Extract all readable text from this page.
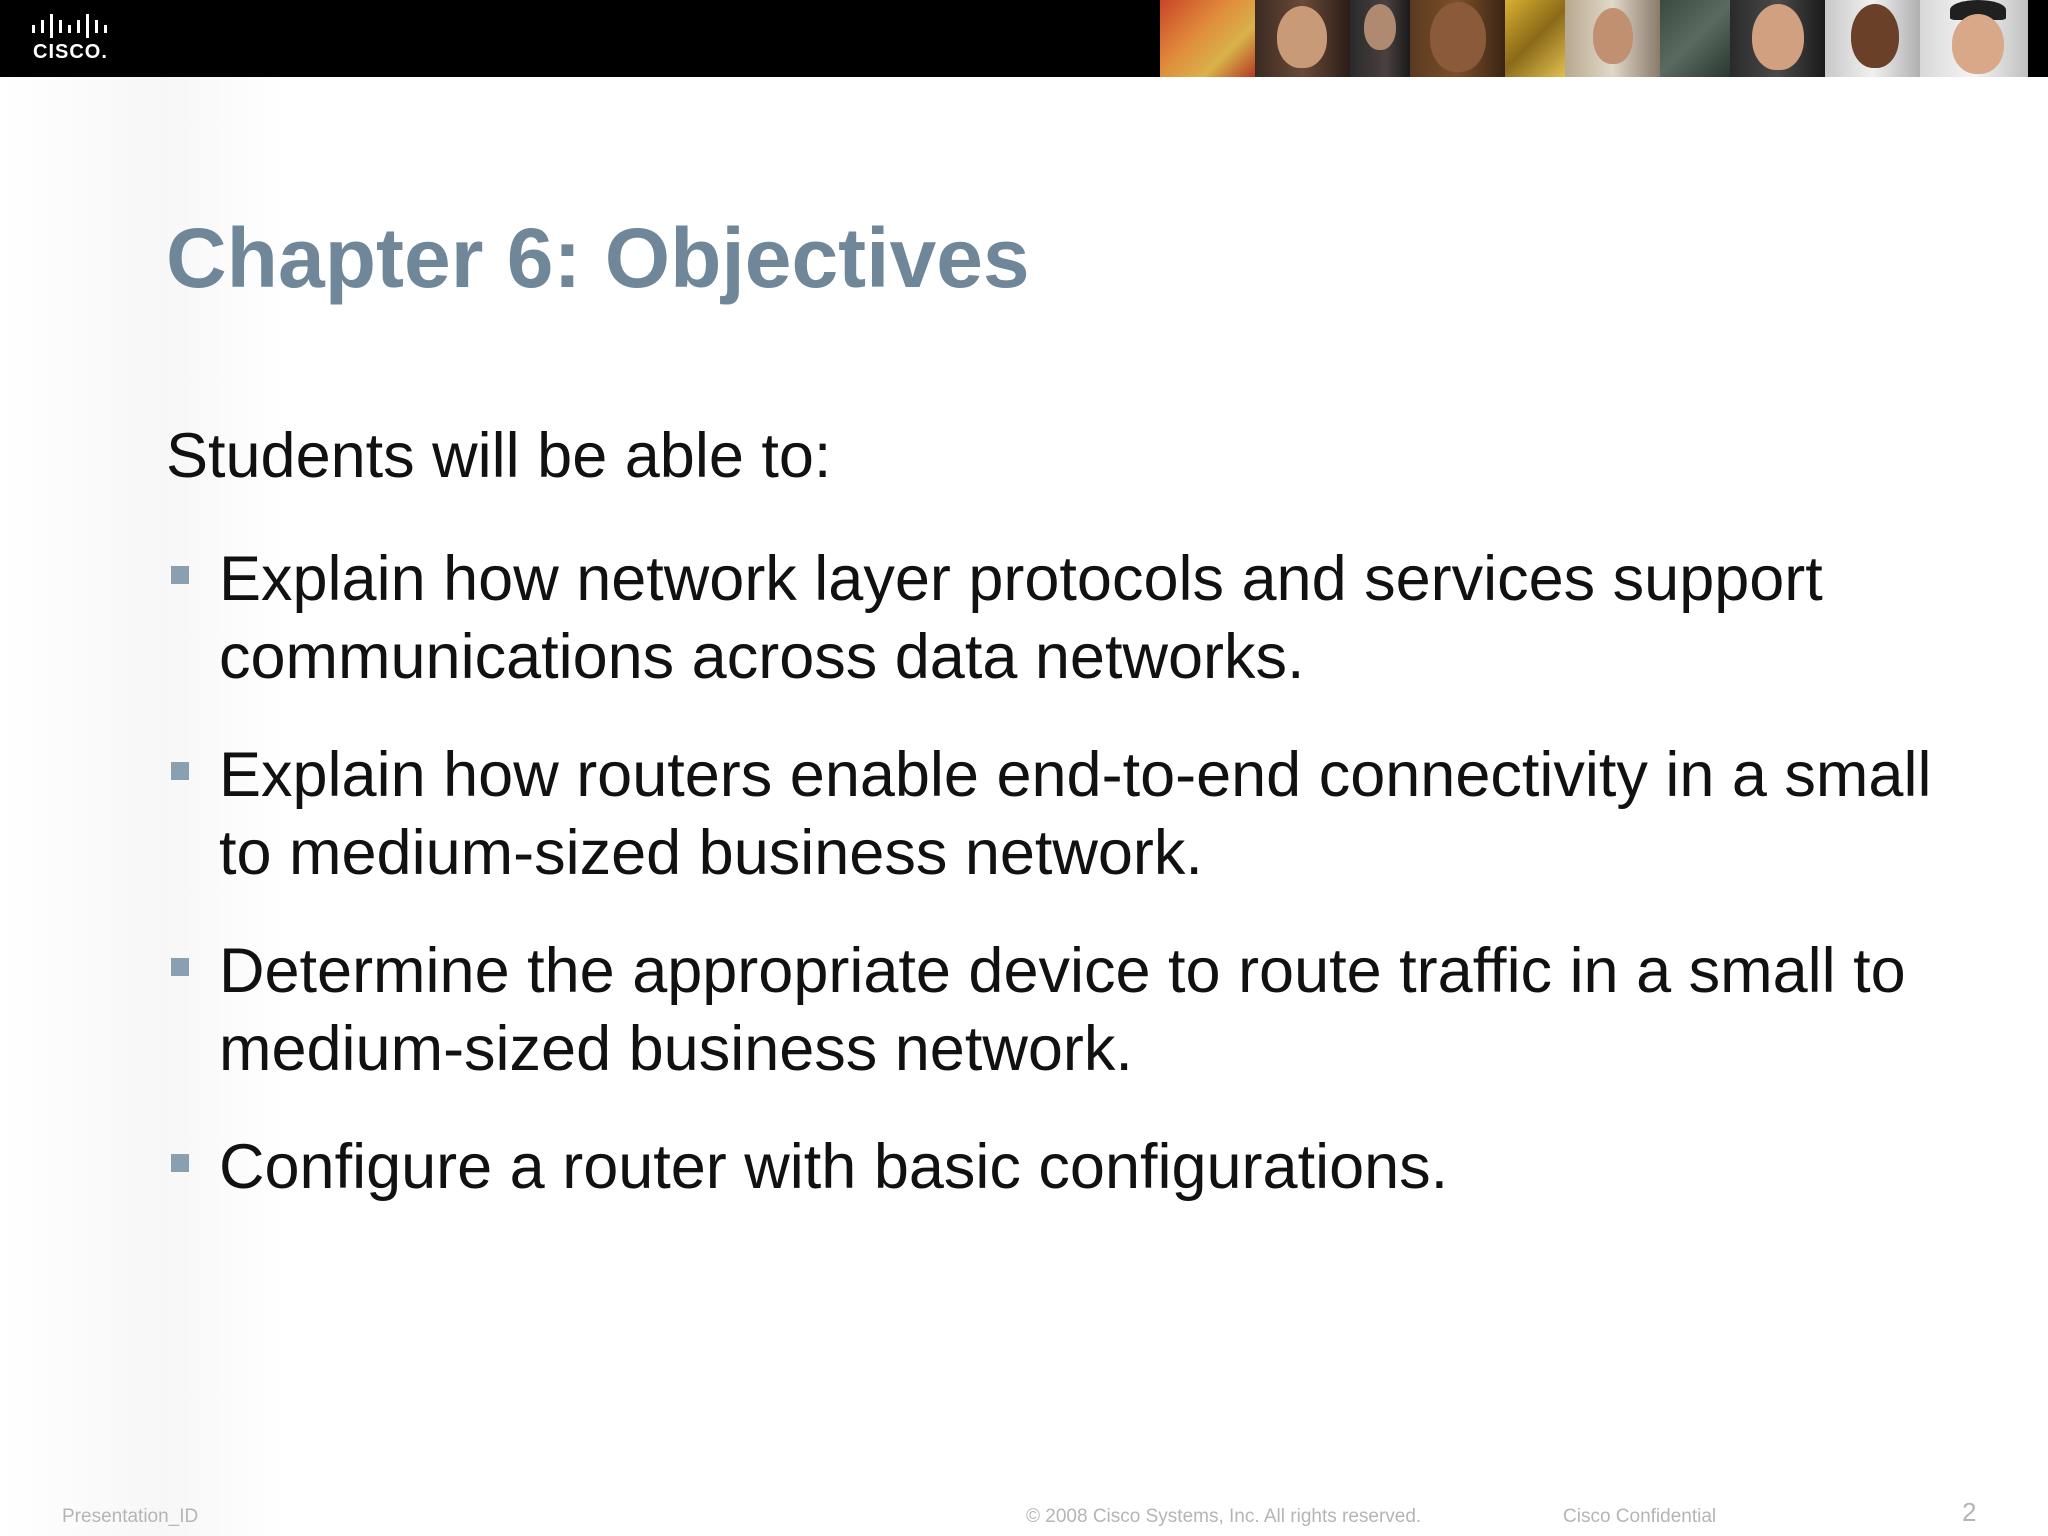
CISCO.
Chapter 6: Objectives

Students will be able to:

Explain how network layer protocols and services support communications across data networks.
Explain how routers enable end-to-end connectivity in a small to medium-sized business network.
Determine the appropriate device to route traffic in a small to medium-sized business network.
Configure a router with basic configurations.
Presentation_ID	© 2008 Cisco Systems, Inc. All rights reserved.	Cisco Confidential	2
